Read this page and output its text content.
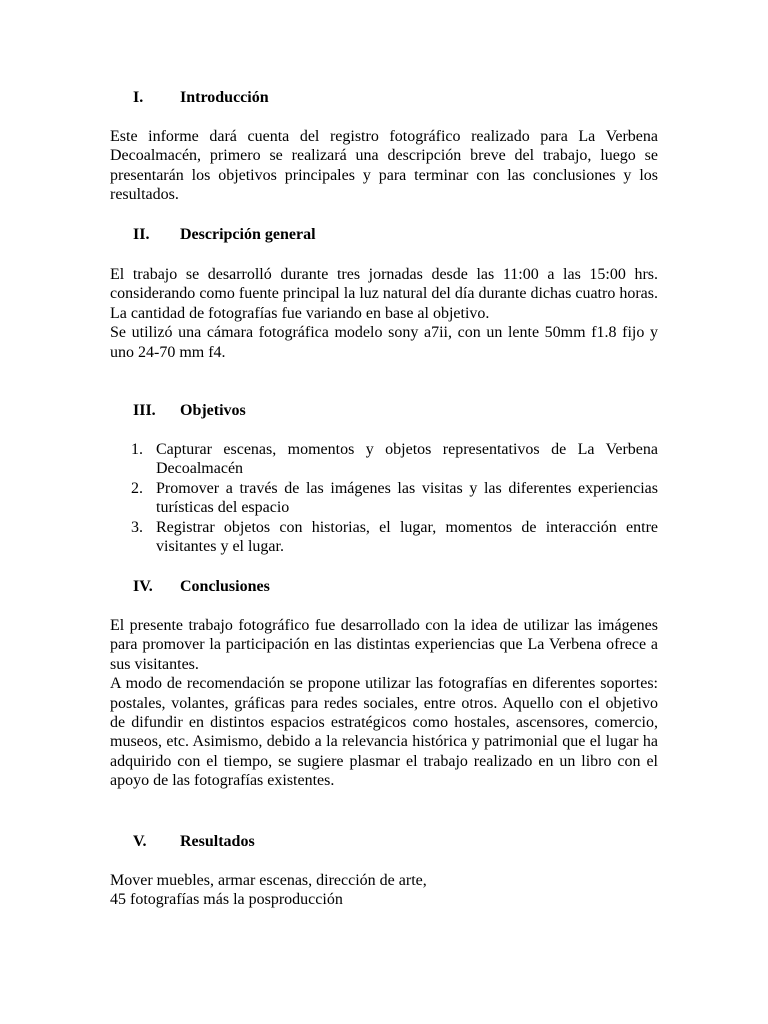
I. Introducción

Este informe dará cuenta del registro fotográfico realizado para La Verbena Decoalmacén, primero se realizará una descripción breve del trabajo, luego se presentarán los objetivos principales y para terminar con las conclusiones y los resultados.

II. Descripción general

El trabajo se desarrolló durante tres jornadas desde las 11:00 a las 15:00 hrs. considerando como fuente principal la luz natural del día durante dichas cuatro horas. La cantidad de fotografías fue variando en base al objetivo.

Se utilizó una cámara fotográfica modelo sony a7ii, con un lente 50mm f1.8 fijo y uno 24-70 mm f4.

III. Objetivos
1. Capturar escenas, momentos y objetos representativos de La Verbena Decoalmacén
2. Promover a través de las imágenes las visitas y las diferentes experiencias turísticas del espacio
3. Registrar objetos con historias, el lugar, momentos de interacción entre visitantes y el lugar.
IV. Conclusiones

El presente trabajo fotográfico fue desarrollado con la idea de utilizar las imágenes para promover la participación en las distintas experiencias que La Verbena ofrece a sus visitantes.

A modo de recomendación se propone utilizar las fotografías en diferentes soportes: postales, volantes, gráficas para redes sociales, entre otros. Aquello con el objetivo de difundir en distintos espacios estratégicos como hostales, ascensores, comercio, museos, etc. Asimismo, debido a la relevancia histórica y patrimonial que el lugar ha adquirido con el tiempo, se sugiere plasmar el trabajo realizado en un libro con el apoyo de las fotografías existentes.

V. Resultados

Mover muebles, armar escenas, dirección de arte,

45 fotografías más la posproducción
